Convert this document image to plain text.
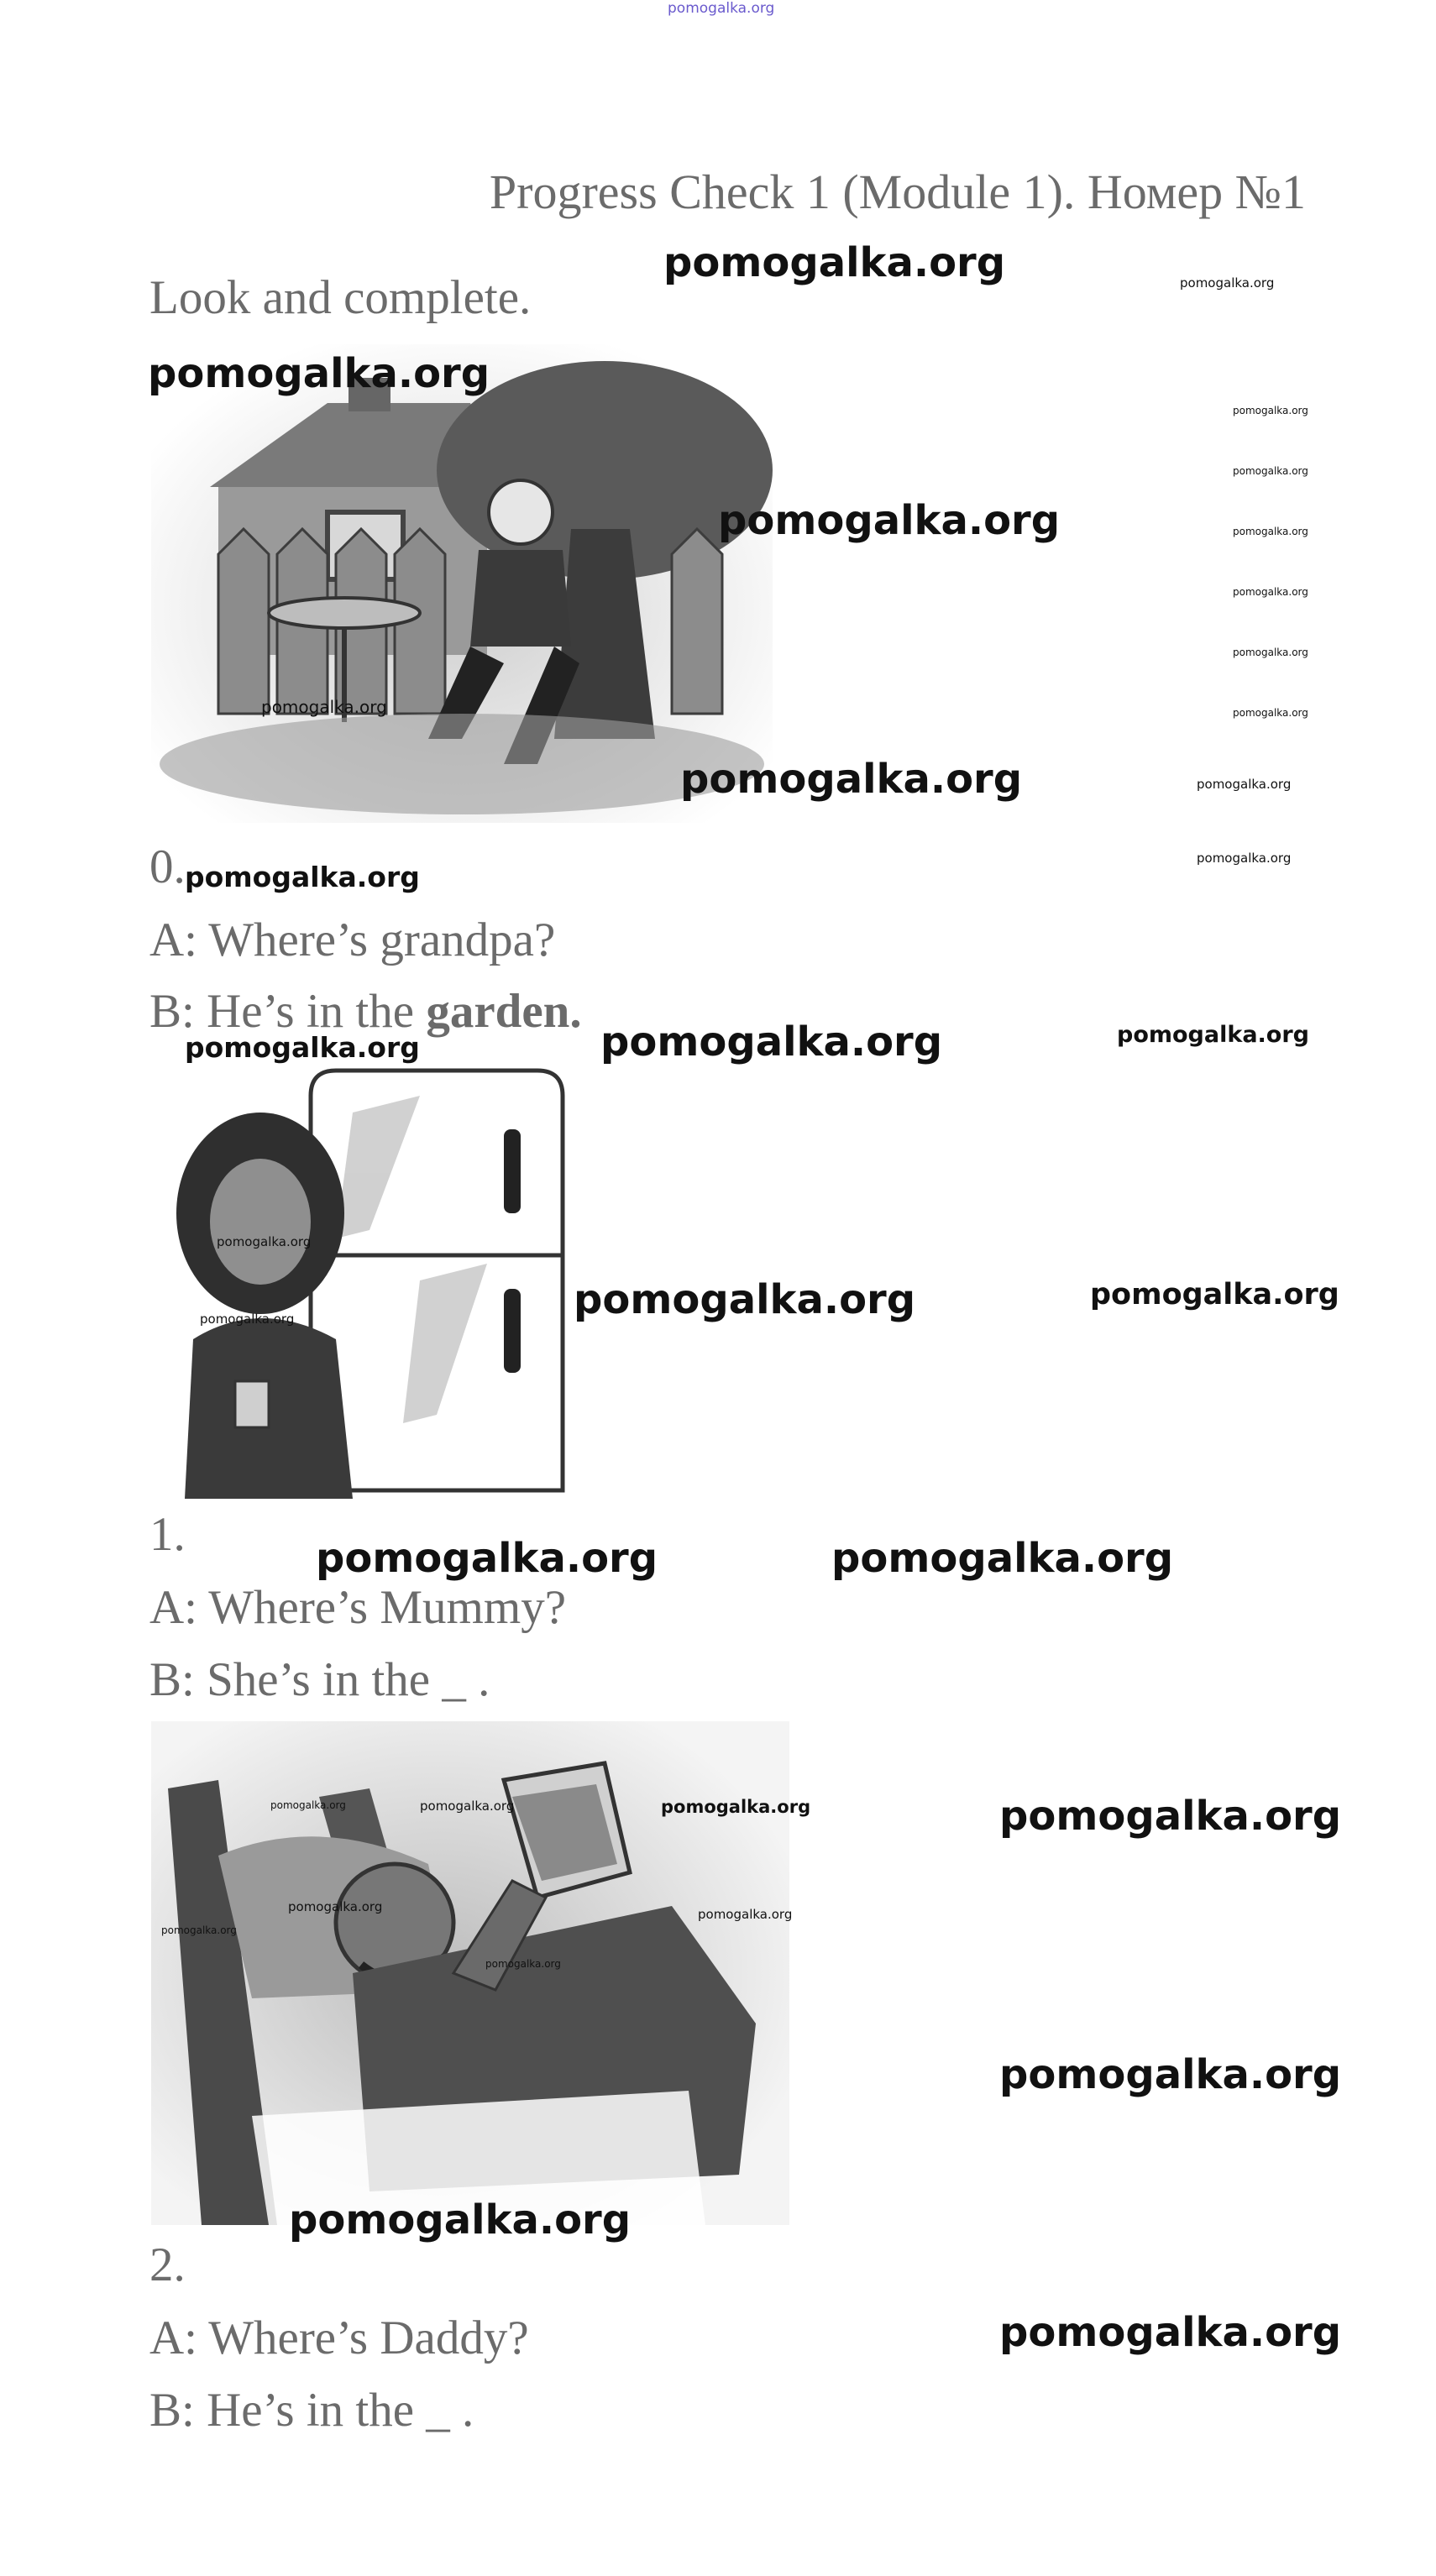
pomogalka.org
Progress Check 1 (Module 1). Номер №1
Look and complete.
0.
A: Where’s grandpa?
B: He’s in the garden.
1.
A: Where’s Mummy?
B: She’s in the _ .
2.
A: Where’s Daddy?
B: He’s in the _ .
pomogalka.org	pomogalka.org
pomogalka.org
pomogalka.org
pomogalka.org
pomogalka.org	pomogalka.org
pomogalka.org
pomogalka.org
pomogalka.org
pomogalka.org
pomogalka.org	pomogalka.org
pomogalka.org
pomogalka.org
pomogalka.org	pomogalka.org	pomogalka.org
pomogalka.org
pomogalka.org	pomogalka.org	pomogalka.org
pomogalka.org	pomogalka.org
pomogalka.org	pomogalka.org	pomogalka.org	pomogalka.org
pomogalka.org	pomogalka.org
pomogalka.org
pomogalka.org
pomogalka.org
pomogalka.org
pomogalka.org
